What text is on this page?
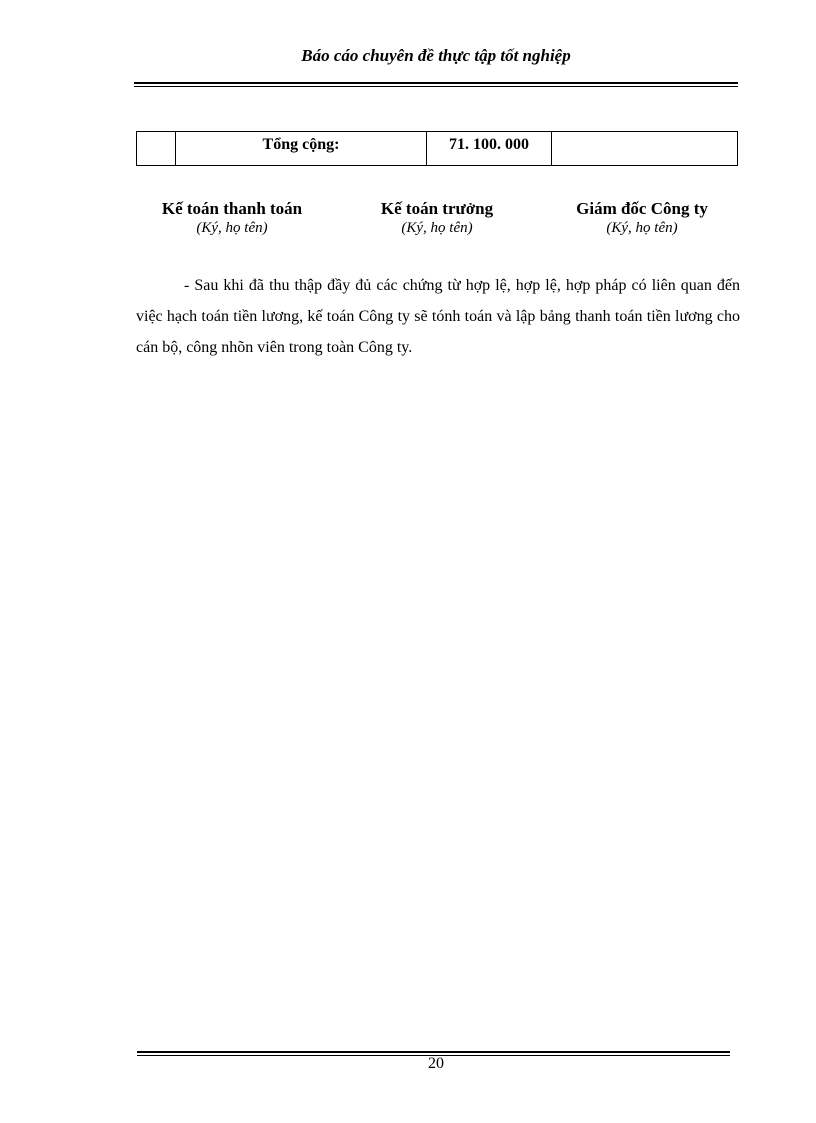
Báo cáo chuyên đề thực tập tốt nghiệp
	Tổng cộng:	71. 100. 000	
Kế toán thanh toán
(Ký, họ tên)
Kế toán trưởng
(Ký, họ tên)
Giám đốc Công ty
(Ký, họ tên)

- Sau khi đã thu thập đầy đủ các chứng từ hợp lệ, hợp lệ, hợp pháp có liên quan đến việc hạch toán tiền lương, kế toán Công ty sẽ tónh toán và lập bảng thanh toán tiền lương cho cán bộ, công nhõn viên trong toàn Công ty.

20
